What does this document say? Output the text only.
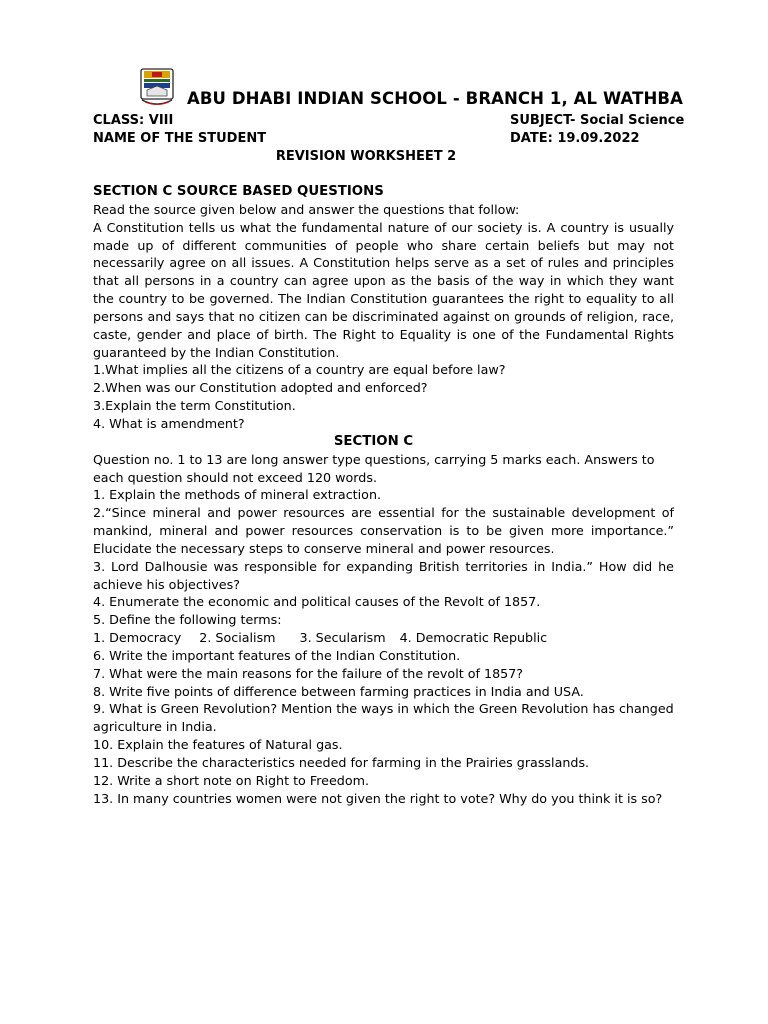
ABU DHABI INDIAN SCHOOL - BRANCH 1, AL WATHBA
CLASS: VIII	SUBJECT- Social Science
NAME OF THE STUDENT	DATE: 19.09.2022
REVISION WORKSHEET 2
SECTION C SOURCE BASED QUESTIONS
Read the source given below and answer the questions that follow:
A Constitution tells us what the fundamental nature of our society is. A country is usually made up of different communities of people who share certain beliefs but may not necessarily agree on all issues. A Constitution helps serve as a set of rules and principles that all persons in a country can agree upon as the basis of the way in which they want the country to be governed. The Indian Constitution guarantees the right to equality to all persons and says that no citizen can be discriminated against on grounds of religion, race, caste, gender and place of birth. The Right to Equality is one of the Fundamental Rights guaranteed by the Indian Constitution.
1.What implies all the citizens of a country are equal before law?
2.When was our Constitution adopted and enforced?
3.Explain the term Constitution.
4. What is amendment?
SECTION C
Question no. 1 to 13 are long answer type questions, carrying 5 marks each. Answers to each question should not exceed 120 words.
1. Explain the methods of mineral extraction.
2.“Since mineral and power resources are essential for the sustainable development of mankind, mineral and power resources conservation is to be given more importance.” Elucidate the necessary steps to conserve mineral and power resources.
3. Lord Dalhousie was responsible for expanding British territories in India.” How did he achieve his objectives?
4. Enumerate the economic and political causes of the Revolt of 1857.
5. Define the following terms:
1. Democracy 2. Socialism 3. Secularism 4. Democratic Republic
6. Write the important features of the Indian Constitution.
7. What were the main reasons for the failure of the revolt of 1857?
8. Write five points of difference between farming practices in India and USA.
9. What is Green Revolution? Mention the ways in which the Green Revolution has changed agriculture in India.
10. Explain the features of Natural gas.
11. Describe the characteristics needed for farming in the Prairies grasslands.
12. Write a short note on Right to Freedom.
13. In many countries women were not given the right to vote? Why do you think it is so?
